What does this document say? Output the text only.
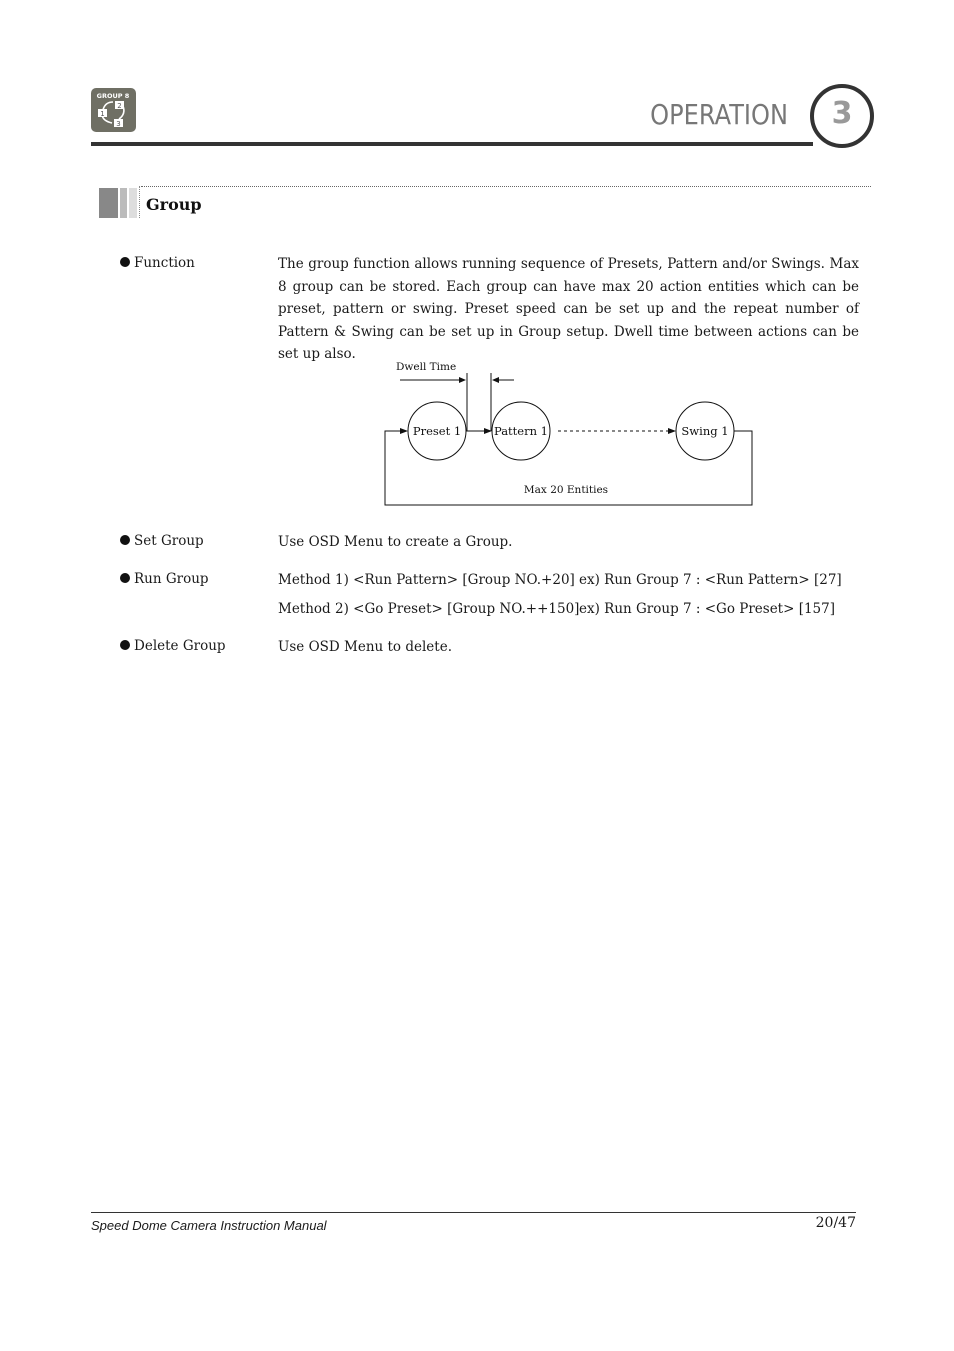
GROUP 8
1
2
3	OPERATION	3
Group
Function	The group function allows running sequence of Presets, Pattern and/or Swings. Max 8 group can be stored. Each group can have max 20 action entities which can be preset, pattern or swing. Preset speed can be set up and the repeat number of Pattern & Swing can be set up in Group setup. Dwell time between actions can be set up also.
Dwell Time
Preset 1	Pattern 1	Swing 1
Max 20 Entities
Set Group	Use OSD Menu to create a Group.
Run Group	Method 1) <Run Pattern> [Group NO.+20] ex) Run Group 7 : <Run Pattern> [27]
Method 2) <Go Preset> [Group NO.++150] ex) Run Group 7 : <Go Preset> [157]
Delete Group	Use OSD Menu to delete.
Speed Dome Camera Instruction Manual	20/47
